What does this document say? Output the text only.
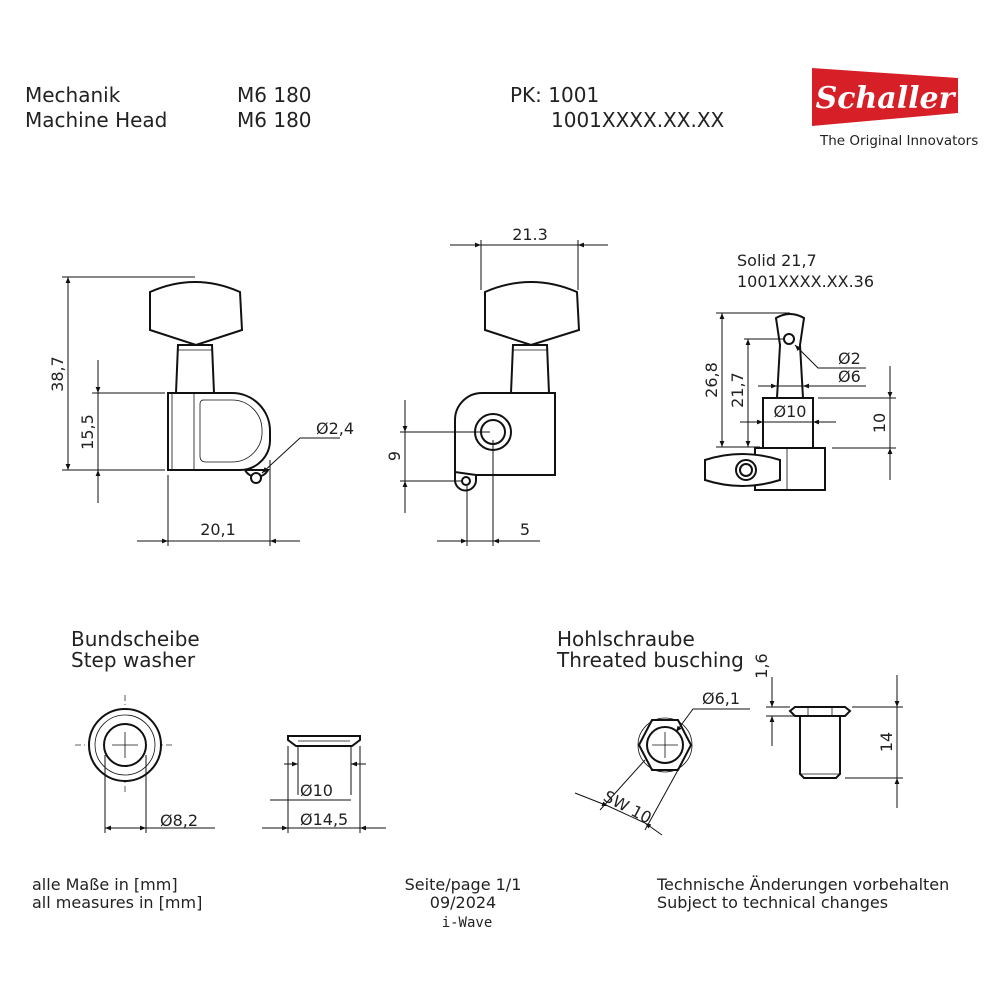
Mechanik
Machine Head
M6 180
M6 180
PK: 1001
1001XXXX.XX.XX
Schaller
The Original Innovators
38,7
15,5
20,1
Ø2,4
21.3
9
5
Solid 21,7
1001XXXX.XX.36
26,8 21,7
Ø2
Ø6
Ø10
10
Bundscheibe
Step washer
Ø8,2
Ø10
Ø14,5
Hohlschraube
Threated busching
Ø6,1
SW 10
1,6
14
alle Maße in [mm]
all measures in [mm]
Seite/page 1/1
09/2024
i-Wave
Technische Änderungen vorbehalten
Subject to technical changes
